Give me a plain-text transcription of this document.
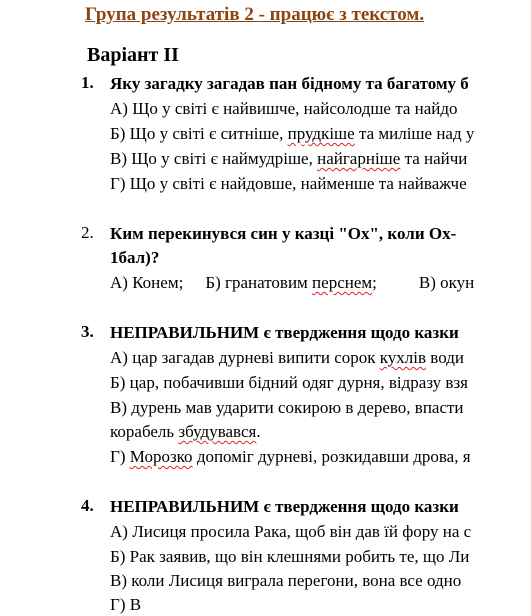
Група результатів 2 - працює з текстом.
Варіант ІІ
1. Яку загадку загадав пан бідному та багатому б
А) Що у світі є найвишче, найсолодше та найдо
Б) Що у світі є ситніше, прудкіше та миліше над у
В) Що у світі є наймудріше, найгарніше та найчи
Г) Що у світі є найдовше, найменше та найважче
2. Ким перекинувся син у казці "Ох", коли Ох-
1бал)?
А) Конем; Б) гранатовим перснем; В) окун
3. НЕПРАВИЛЬНИМ є твердження щодо казки
А) цар загадав дурневі випити сорок кухлів води
Б) цар, побачивши бідний одяг дурня, відразу взя
В) дурень мав ударити сокирою в дерево, впасти
корабель збудувався.
Г) Морозко допоміг дурневі, розкидавши дрова, я
4. НЕПРАВИЛЬНИМ є твердження щодо казки
А) Лисиця просила Рака, щоб він дав їй фору на с
Б) Рак заявив, що він клешнями робить те, що Ли
В) коли Лисиця виграла перегони, вона все одно
Г) В
